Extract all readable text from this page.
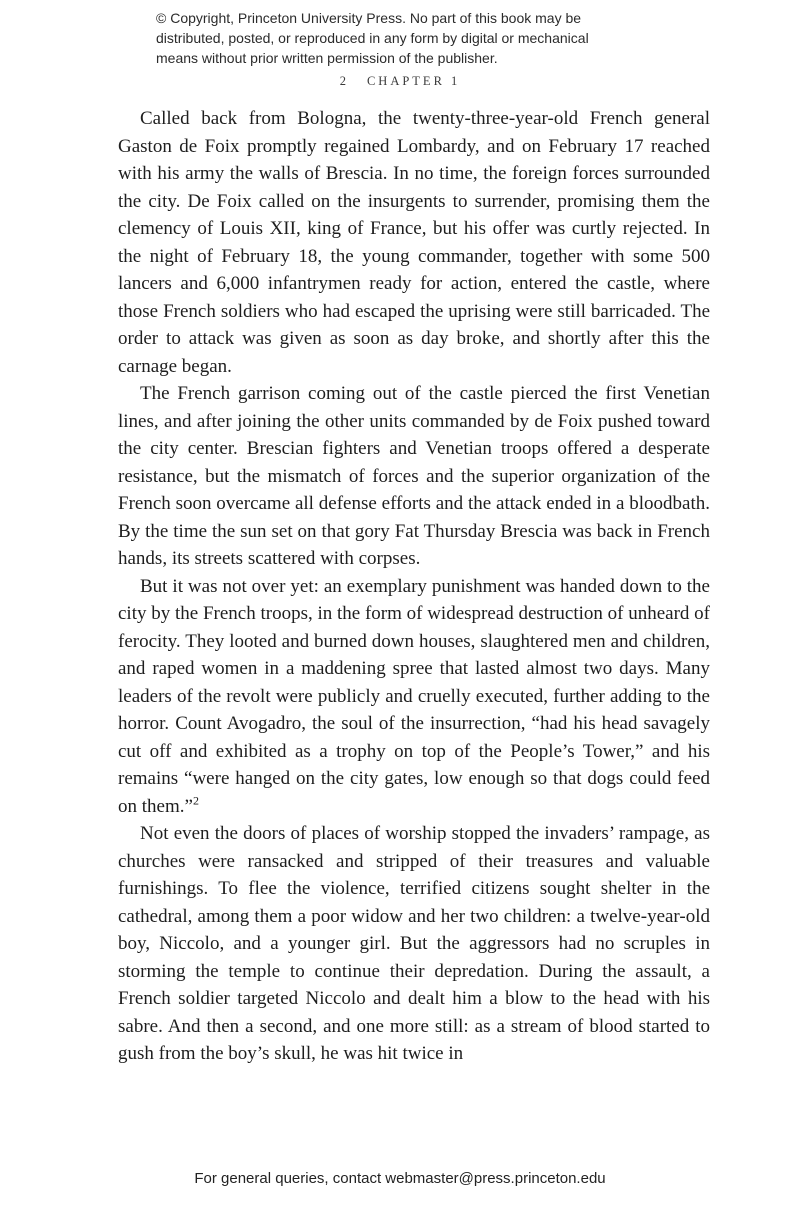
© Copyright, Princeton University Press. No part of this book may be
distributed, posted, or reproduced in any form by digital or mechanical
means without prior written permission of the publisher.
2 CHAPTER 1

Called back from Bologna, the twenty-three-year-old French general Gaston de Foix promptly regained Lombardy, and on February 17 reached with his army the walls of Brescia. In no time, the foreign forces surrounded the city. De Foix called on the insurgents to surrender, promising them the clemency of Louis XII, king of France, but his offer was curtly rejected. In the night of February 18, the young commander, together with some 500 lancers and 6,000 infantrymen ready for action, entered the castle, where those French soldiers who had escaped the uprising were still barricaded. The order to attack was given as soon as day broke, and shortly after this the carnage began.

The French garrison coming out of the castle pierced the first Venetian lines, and after joining the other units commanded by de Foix pushed toward the city center. Brescian fighters and Venetian troops offered a desperate resistance, but the mismatch of forces and the superior organization of the French soon overcame all defense efforts and the attack ended in a bloodbath. By the time the sun set on that gory Fat Thursday Brescia was back in French hands, its streets scattered with corpses.

But it was not over yet: an exemplary punishment was handed down to the city by the French troops, in the form of widespread destruction of unheard of ferocity. They looted and burned down houses, slaughtered men and children, and raped women in a maddening spree that lasted almost two days. Many leaders of the revolt were publicly and cruelly executed, further adding to the horror. Count Avogadro, the soul of the insurrection, “had his head savagely cut off and exhibited as a trophy on top of the People’s Tower,” and his remains “were hanged on the city gates, low enough so that dogs could feed on them.”$^2$

Not even the doors of places of worship stopped the invaders’ rampage, as churches were ransacked and stripped of their treasures and valuable furnishings. To flee the violence, terrified citizens sought shelter in the cathedral, among them a poor widow and her two children: a twelve-year-old boy, Niccolo, and a younger girl. But the aggressors had no scruples in storming the temple to continue their depredation. During the assault, a French soldier targeted Niccolo and dealt him a blow to the head with his sabre. And then a second, and one more still: as a stream of blood started to gush from the boy’s skull, he was hit twice in

For general queries, contact webmaster@press.princeton.edu
